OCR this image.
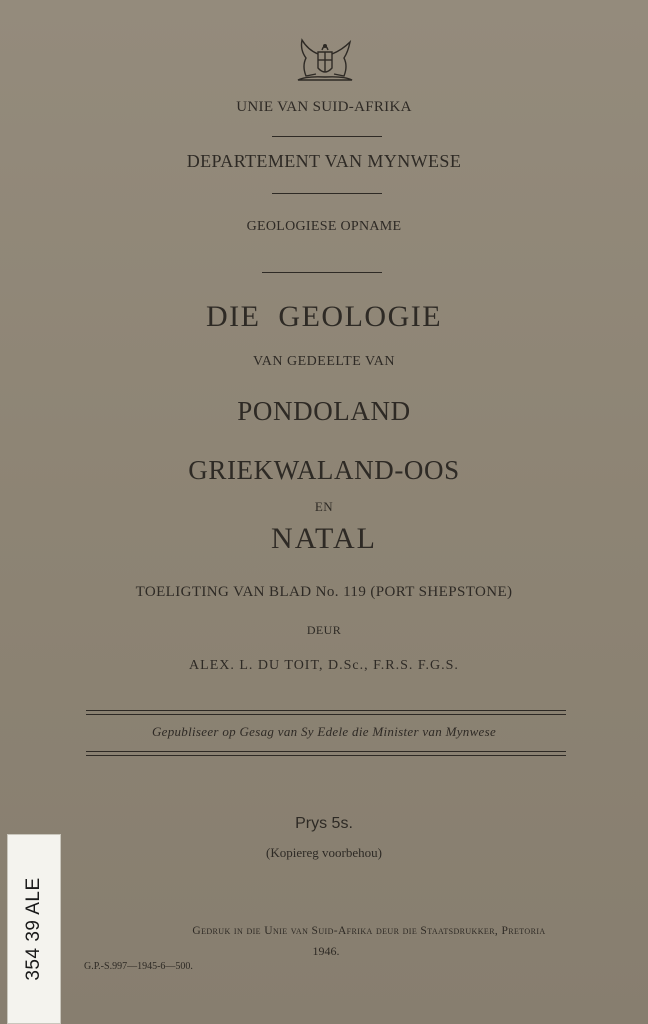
UNIE VAN SUID-AFRIKA
DEPARTEMENT VAN MYNWESE
GEOLOGIESE OPNAME
DIE  GEOLOGIE
VAN GEDEELTE VAN
PONDOLAND
GRIEKWALAND-OOS
EN
NATAL
TOELIGTING VAN BLAD No. 119 (PORT SHEPSTONE)
DEUR
ALEX. L. DU TOIT, D.Sc., F.R.S. F.G.S.
Gepubliseer op Gesag van Sy Edele die Minister van Mynwese
Prys 5s.
(Kopiereg voorbehou)
Gedruk in die Unie van Suid-Afrika deur die Staatsdrukker, Pretoria
1946.
G.P.-S.997—1945-6—500.
354 39 ALE
